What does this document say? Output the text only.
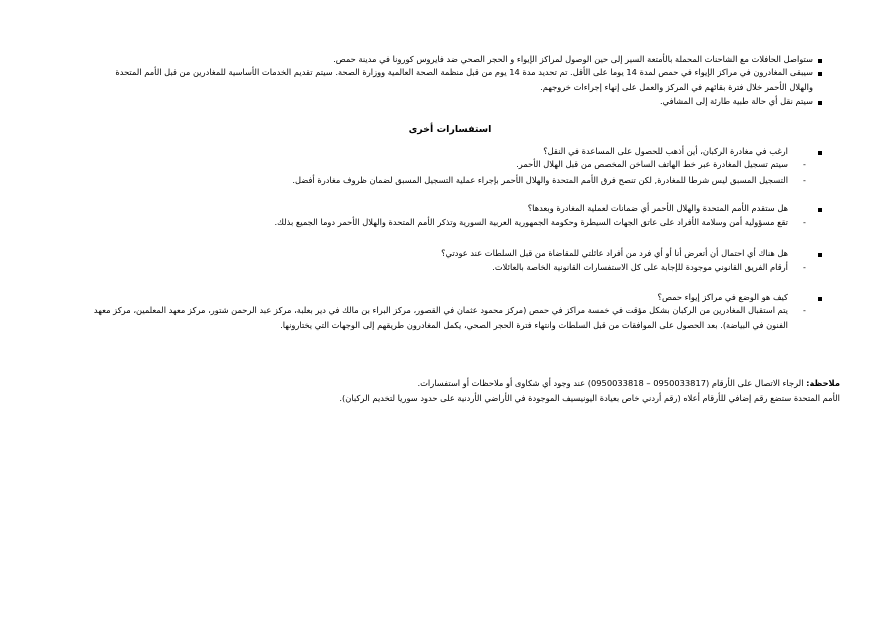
ستواصل الحافلات مع الشاحنات المحملة بالأمتعة السير إلى حين الوصول لمراكز الإيواء و الحجر الصحي ضد فايروس كورونا في مدينة حمص.
سيبقى المغادرون في مراكز الإيواء في حمص لمدة 14 يوما على الأقل. تم تحديد مدة 14 يوم من قبل منظمة الصحة العالمية ووزارة الصحة. سيتم تقديم الخدمات الأساسية للمغادرين من قبل الأمم المتحدة
والهلال الأحمر خلال فترة بقائهم في المركز والعمل على إنهاء إجراءات خروجهم.
سيتم نقل أي حالة طبية طارئة إلى المشافي.
استفسارات أخرى
ارغب في مغادرة الركبان، أين أذهب للحصول على المساعدة في النقل؟
-
سيتم تسجيل المغادرة عبر خط الهاتف الساخن المخصص من قبل الهلال الأحمر.
-
التسجيل المسبق ليس شرطا للمغادرة, لكن تنصح فرق الأمم المتحدة والهلال الأحمر بإجراء عملية التسجيل المسبق لضمان ظروف مغادرة أفضل.
هل ستقدم الأمم المتحدة والهلال الأحمر أي ضمانات لعملية المغادرة وبعدها؟
-
تقع مسؤولية أمن وسلامة الأفراد على عاتق الجهات السيطرة وحكومة الجمهورية العربية السورية وتذكر الأمم المتحدة والهلال الأحمر دوما الجميع بذلك.
هل هناك أي احتمال أن أتعرض أنا أو أي فرد من أفراد عائلتي للمقاضاة من قبل السلطات عند عودتي؟
-
أرقام الفريق القانوني موجودة للإجابة على كل الاستفسارات القانونية الخاصة بالعائلات.
كيف هو الوضع في مراكز إيواء حمص؟
-
يتم استقبال المغادرين من الركبان بشكل مؤقت في خمسة مراكز في حمص (مركز محمود عثمان في القصور، مركز البراء بن مالك في دير بعلبة، مركز عبد الرحمن شتور، مركز معهد المعلمين، مركز معهد
الفنون في البياضة). بعد الحصول على الموافقات من قبل السلطات وانتهاء فترة الحجر الصحي، يكمل المغادرون طريقهم إلى الوجهات التي يختارونها.
ملاحظة: الرجاء الاتصال على الأرقام (0950033817 – 0950033818) عند وجود أي شكاوى أو ملاحظات أو استفسارات.
الأمم المتحدة ستضع رقم إضافي للأرقام أعلاه (رقم أردني خاص بعيادة اليونيسيف الموجودة في الأراضي الأردنية على حدود سوريا لتخديم الركبان).
